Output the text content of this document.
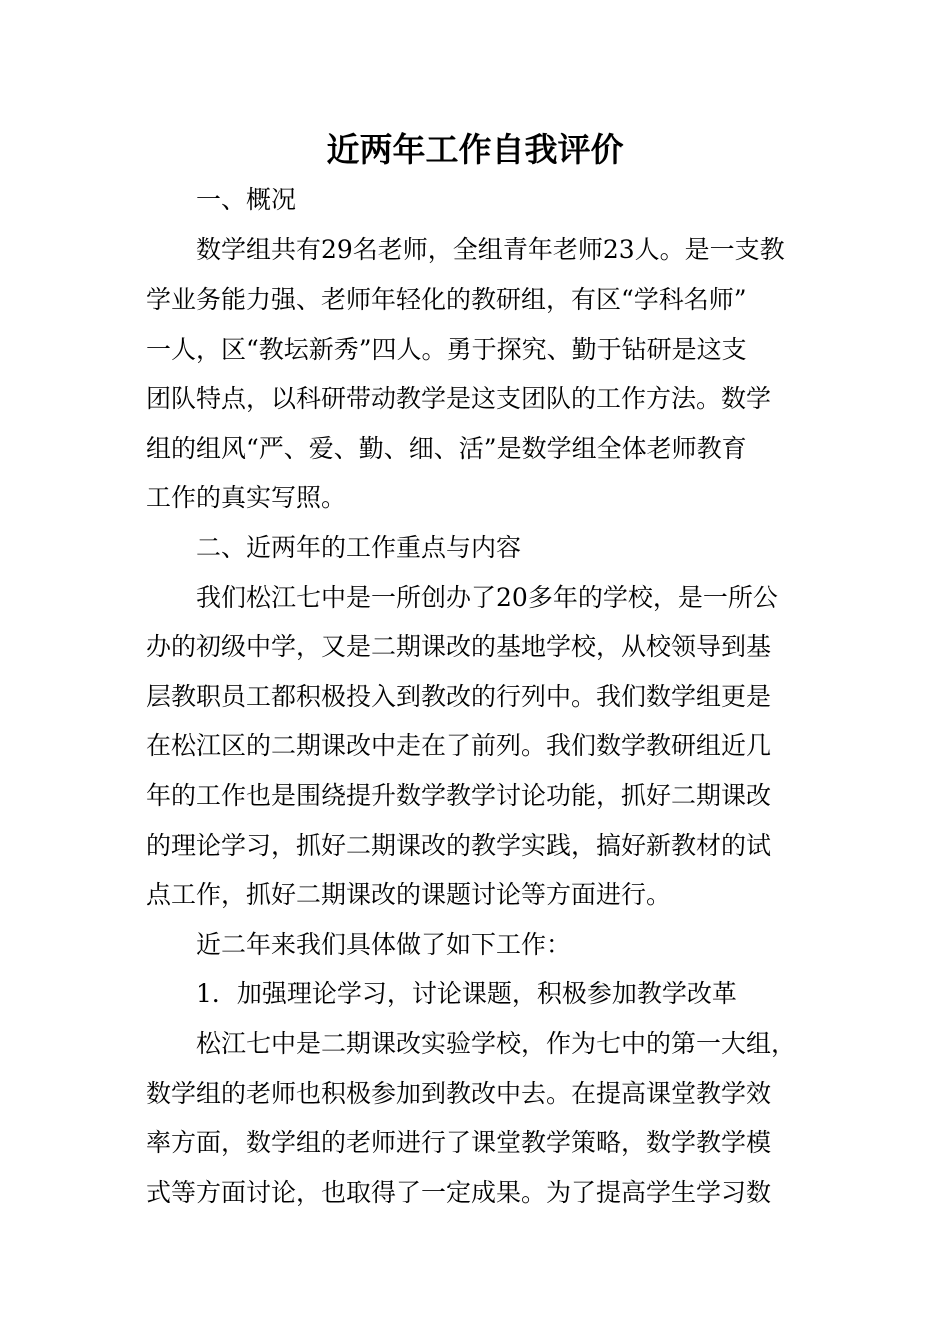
近两年工作自我评价
一、概况
数学组共有29名老师，全组青年老师23人。是一支教
学业务能力强、老师年轻化的教研组，有区“学科名师”
一人，区“教坛新秀”四人。勇于探究、勤于钻研是这支
团队特点，以科研带动教学是这支团队的工作方法。数学
组的组风“严、爱、勤、细、活”是数学组全体老师教育
工作的真实写照。
二、近两年的工作重点与内容
我们松江七中是一所创办了20多年的学校，是一所公
办的初级中学，又是二期课改的基地学校，从校领导到基
层教职员工都积极投入到教改的行列中。我们数学组更是
在松江区的二期课改中走在了前列。我们数学教研组近几
年的工作也是围绕提升数学教学讨论功能，抓好二期课改
的理论学习，抓好二期课改的教学实践，搞好新教材的试
点工作，抓好二期课改的课题讨论等方面进行。
近二年来我们具体做了如下工作：
1．加强理论学习，讨论课题，积极参加教学改革
松江七中是二期课改实验学校，作为七中的第一大组，
数学组的老师也积极参加到教改中去。在提高课堂教学效
率方面，数学组的老师进行了课堂教学策略，数学教学模
式等方面讨论，也取得了一定成果。为了提高学生学习数
